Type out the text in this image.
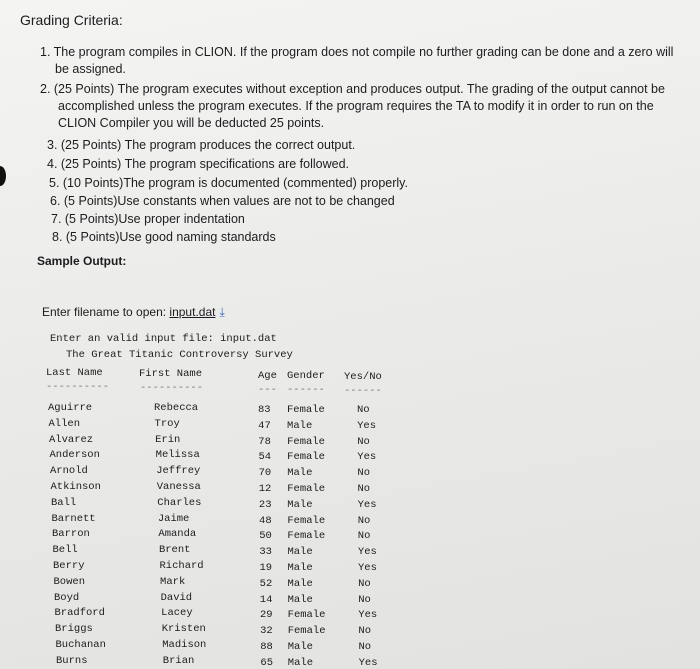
Grading Criteria:
1. The program compiles in CLION. If the program does not compile no further grading can be done and a zero will
be assigned.
2. (25 Points) The program executes without exception and produces output. The grading of the output cannot be
accomplished unless the program executes. If the program requires the TA to modify it in order to run on the
CLION Compiler you will be deducted 25 points.
3. (25 Points) The program produces the correct output.
4. (25 Points) The program specifications are followed.
5. (10 Points)The program is documented (commented) properly.
6. (5 Points)Use constants when values are not to be changed
7. (5 Points)Use proper indentation
8. (5 Points)Use good naming standards
Sample Output:
Enter filename to open: input.dat ⤓
Enter an valid input file: input.dat
The Great Titanic Controversy Survey
Last Name	First Name	Age Gender Yes/No
----------	----------	--- ------ ------
Aguirre	Rebecca	83 Female	No
Allen	Troy	47 Male	Yes
Alvarez	Erin	78 Female	No
Anderson	Melissa	54 Female	Yes
Arnold	Jeffrey	70 Male	No
Atkinson	Vanessa	12 Female	No
Ball	Charles	23 Male	Yes
Barnett	Jaime	48 Female	No
Barron	Amanda	50 Female	No
Bell	Brent	33 Male	Yes
Berry	Richard	19 Male	Yes
Bowen	Mark	52 Male	No
Boyd	David	14 Male	No
Bradford	Lacey	29 Female	Yes
Briggs	Kristen	32 Female	No
Buchanan	Madison	88 Male	No
Burns	Brian	65 Male	Yes
